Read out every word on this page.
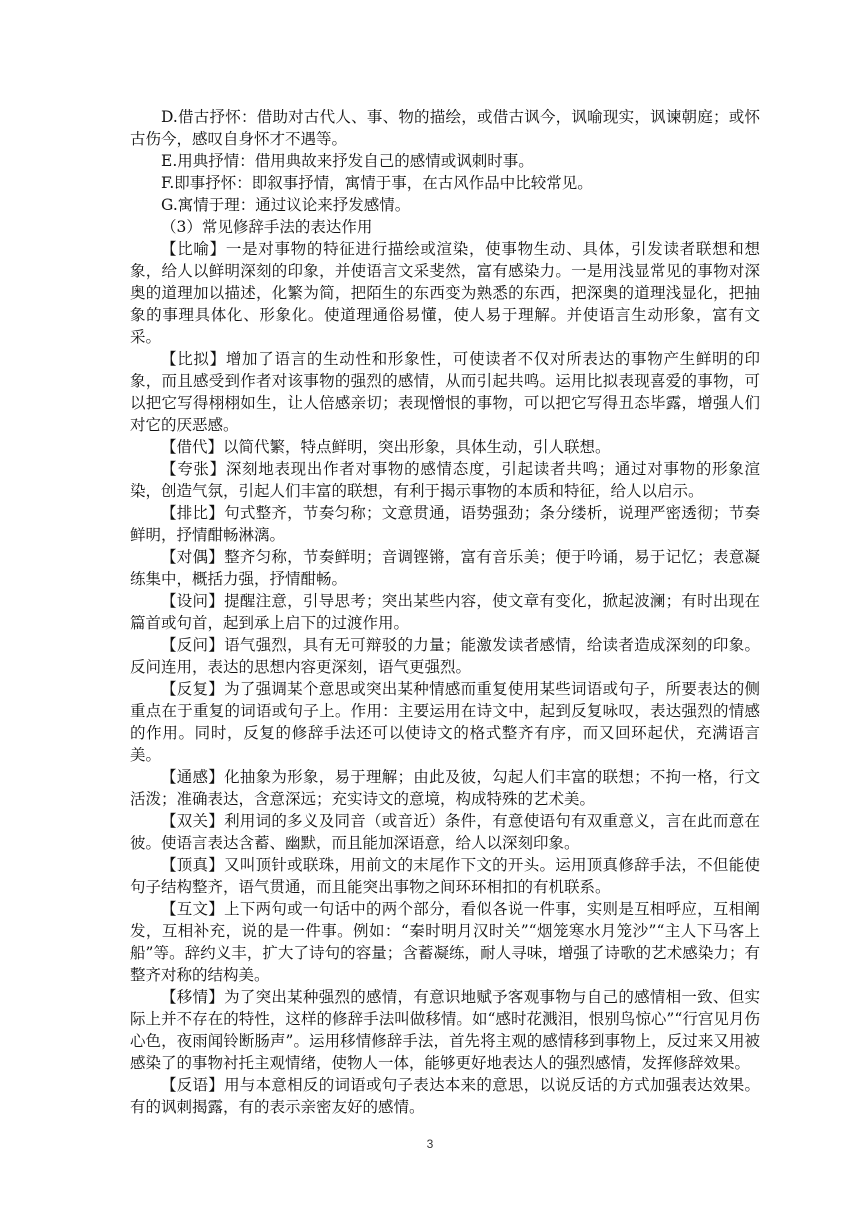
D.借古抒怀：借助对古代人、事、物的描绘，或借古讽今，讽喻现实，讽谏朝庭；或怀古伤今，感叹自身怀才不遇等。

E.用典抒情：借用典故来抒发自己的感情或讽刺时事。

F.即事抒怀：即叙事抒情，寓情于事，在古风作品中比较常见。

G.寓情于理：通过议论来抒发感情。

（3）常见修辞手法的表达作用

【比喻】一是对事物的特征进行描绘或渲染，使事物生动、具体，引发读者联想和想象，给人以鲜明深刻的印象，并使语言文采斐然，富有感染力。一是用浅显常见的事物对深奥的道理加以描述，化繁为简，把陌生的东西变为熟悉的东西，把深奥的道理浅显化，把抽象的事理具体化、形象化。使道理通俗易懂，使人易于理解。并使语言生动形象，富有文采。

【比拟】增加了语言的生动性和形象性，可使读者不仅对所表达的事物产生鲜明的印象，而且感受到作者对该事物的强烈的感情，从而引起共鸣。运用比拟表现喜爱的事物，可以把它写得栩栩如生，让人倍感亲切；表现憎恨的事物，可以把它写得丑态毕露，增强人们对它的厌恶感。

【借代】以简代繁，特点鲜明，突出形象，具体生动，引人联想。

【夸张】深刻地表现出作者对事物的感情态度，引起读者共鸣；通过对事物的形象渲染，创造气氛，引起人们丰富的联想，有利于揭示事物的本质和特征，给人以启示。

【排比】句式整齐，节奏匀称；文意贯通，语势强劲；条分缕析，说理严密透彻；节奏鲜明，抒情酣畅淋漓。

【对偶】整齐匀称，节奏鲜明；音调铿锵，富有音乐美；便于吟诵，易于记忆；表意凝练集中，概括力强，抒情酣畅。

【设问】提醒注意，引导思考；突出某些内容，使文章有变化，掀起波澜；有时出现在篇首或句首，起到承上启下的过渡作用。

【反问】语气强烈，具有无可辩驳的力量；能激发读者感情，给读者造成深刻的印象。反问连用，表达的思想内容更深刻，语气更强烈。

【反复】为了强调某个意思或突出某种情感而重复使用某些词语或句子，所要表达的侧重点在于重复的词语或句子上。作用：主要运用在诗文中，起到反复咏叹，表达强烈的情感的作用。同时，反复的修辞手法还可以使诗文的格式整齐有序，而又回环起伏，充满语言美。

【通感】化抽象为形象，易于理解；由此及彼，勾起人们丰富的联想；不拘一格，行文活泼；准确表达，含意深远；充实诗文的意境，构成特殊的艺术美。

【双关】利用词的多义及同音（或音近）条件，有意使语句有双重意义，言在此而意在彼。使语言表达含蓄、幽默，而且能加深语意，给人以深刻印象。

【顶真】又叫顶针或联珠，用前文的末尾作下文的开头。运用顶真修辞手法，不但能使句子结构整齐，语气贯通，而且能突出事物之间环环相扣的有机联系。

【互文】上下两句或一句话中的两个部分，看似各说一件事，实则是互相呼应，互相阐发，互相补充，说的是一件事。例如：“秦时明月汉时关”“烟笼寒水月笼沙”“主人下马客上船”等。辞约义丰，扩大了诗句的容量；含蓄凝练，耐人寻味，增强了诗歌的艺术感染力；有整齐对称的结构美。

【移情】为了突出某种强烈的感情，有意识地赋予客观事物与自己的感情相一致、但实际上并不存在的特性，这样的修辞手法叫做移情。如“感时花溅泪，恨别鸟惊心”“行宫见月伤心色，夜雨闻铃断肠声”。运用移情修辞手法，首先将主观的感情移到事物上，反过来又用被感染了的事物衬托主观情绪，使物人一体，能够更好地表达人的强烈感情，发挥修辞效果。

【反语】用与本意相反的词语或句子表达本来的意思，以说反话的方式加强表达效果。有的讽刺揭露，有的表示亲密友好的感情。

3
